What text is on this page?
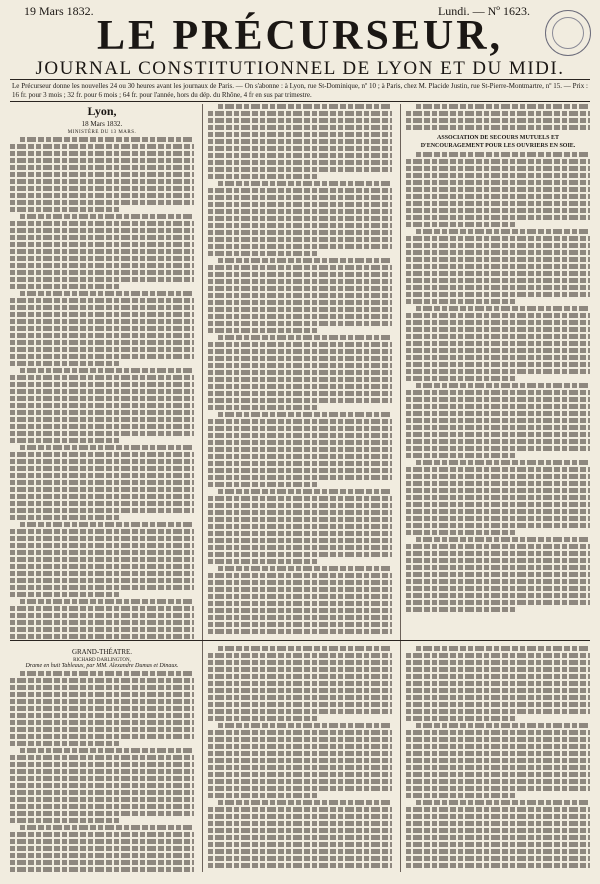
19 Mars 1832.	Lundi. — Nº 1623.
LE PRÉCURSEUR,
JOURNAL CONSTITUTIONNEL DE LYON ET DU MIDI.
Le Précurseur donne les nouvelles 24 ou 30 heures avant les journaux de Paris. — On s'abonne : à Lyon, rue St-Dominique, nº 10 ; à Paris, chez M. Placide Justin, rue St-Pierre-Montmartre, nº 15. — Prix : 16 fr. pour 3 mois ; 32 fr. pour 6 mois ; 64 fr. pour l'année, hors du dép. du Rhône, 4 fr en sus par trimestre.
Lyon,
18 Mars 1832.
MINISTÈRE DU 13 MARS.
ASSOCIATION DE SECOURS MUTUELS ET D'ENCOURAGEMENT POUR LES OUVRIERS EN SOIE.
GRAND-THÉATRE.
RICHARD DARLINGTON,
Drame en huit Tableaux, par MM. Alexandre Dumas et Dinaux.
